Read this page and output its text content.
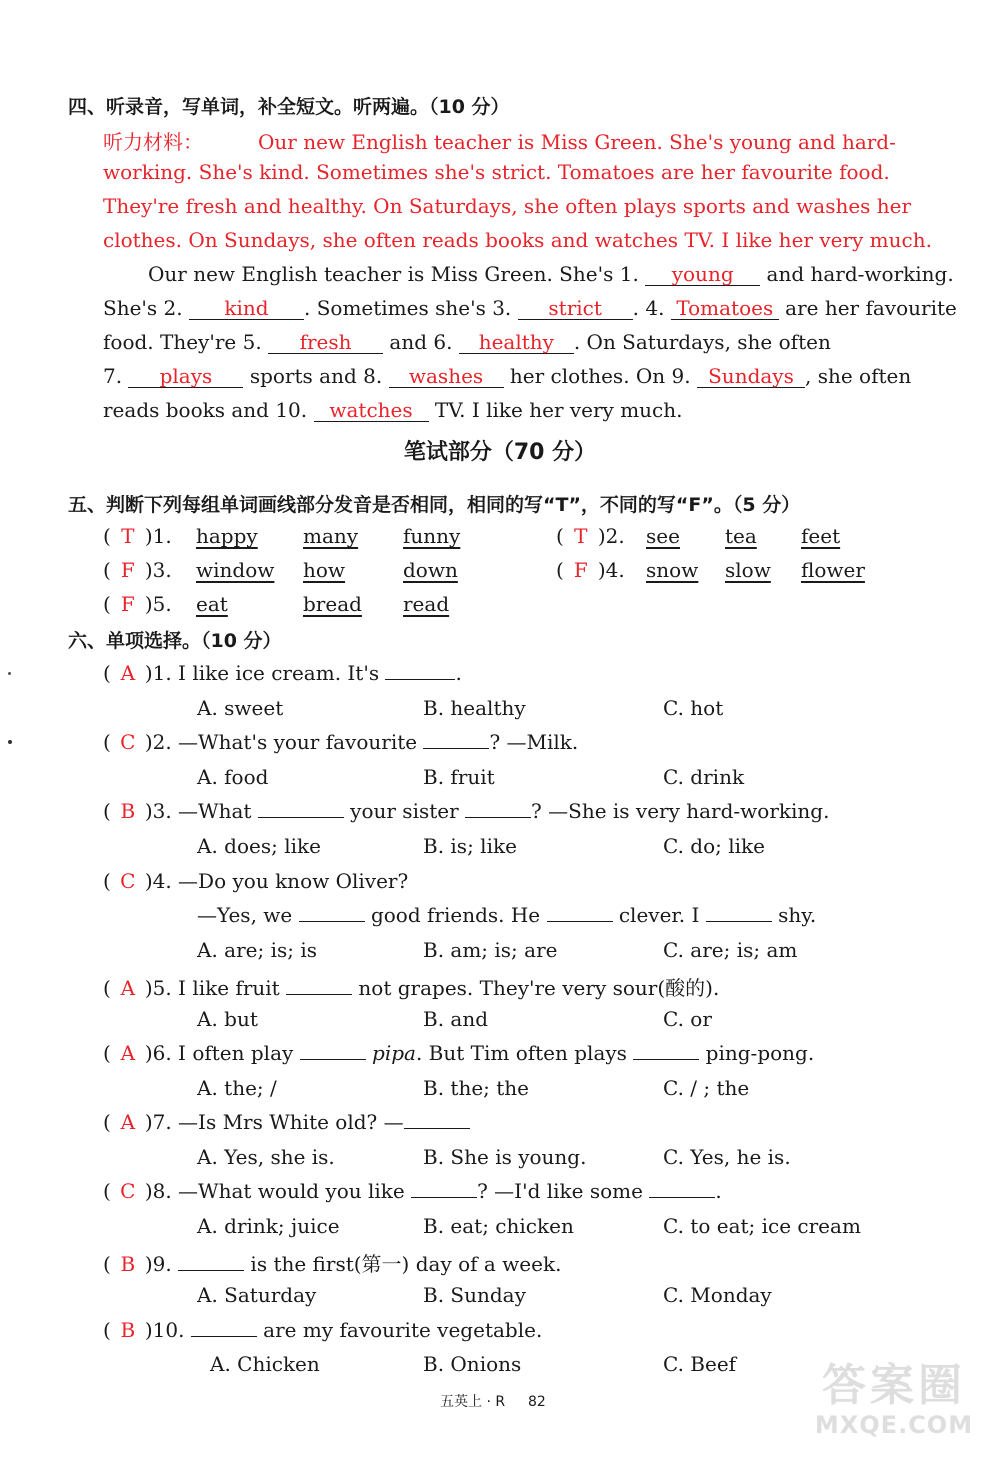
四、听录音，写单词，补全短文。听两遍。（10 分）
听力材料：	Our new English teacher is Miss Green. She's young and hard-
working. She's kind. Sometimes she's strict. Tomatoes are her favourite food.
They're fresh and healthy. On Saturdays, she often plays sports and washes her
clothes. On Sundays, she often reads books and watches TV. I like her very much.
Our new English teacher is Miss Green. She's 1. young and hard-working.
She's 2. kind . Sometimes she's 3. strict . 4. Tomatoes are her favourite
food. They're 5. fresh and 6. healthy . On Saturdays, she often
7. plays sports and 8. washes her clothes. On 9. Sundays , she often
reads books and 10. watches TV. I like her very much.
笔试部分（70 分）
五、判断下列每组单词画线部分发音是否相同，相同的写“T”，不同的写“F”。（5 分）
( T )1. happy many funny	( T )2. see tea feet
( F )3. window how	down	( F )4. snow slow flower
( F )5. eat	bread read
六、单项选择。（10 分）
( A )1. I like ice cream. It's	.
A. sweet	B. healthy	C. hot
( C )2. —What's your favourite	? —Milk.
A. food	B. fruit	C. drink
( B )3. —What	your sister	? —She is very hard-working.
A. does; like	B. is; like	C. do; like
( C )4. —Do you know Oliver?
—Yes, we	good friends. He	clever. I	shy.
A. are; is; is	B. am; is; are	C. are; is; am
( A )5. I like fruit	not grapes. They're very sour(酸的).
A. but	B. and	C. or
( A )6. I often play	pipa. But Tim often plays	ping-pong.
A. the; /	B. the; the	C. / ; the
( A )7. —Is Mrs White old? —
A. Yes, she is.	B. She is young.	C. Yes, he is.
( C )8. —What would you like	? —I'd like some	.
A. drink; juice	B. eat; chicken	C. to eat; ice cream
( B )9.	is the first(第一) day of a week.
A. Saturday	B. Sunday	C. Monday
( B )10.	are my favourite vegetable.
A. Chicken	B. Onions	C. Beef
五英上 · R 82	答案圈
MXQE.COM
